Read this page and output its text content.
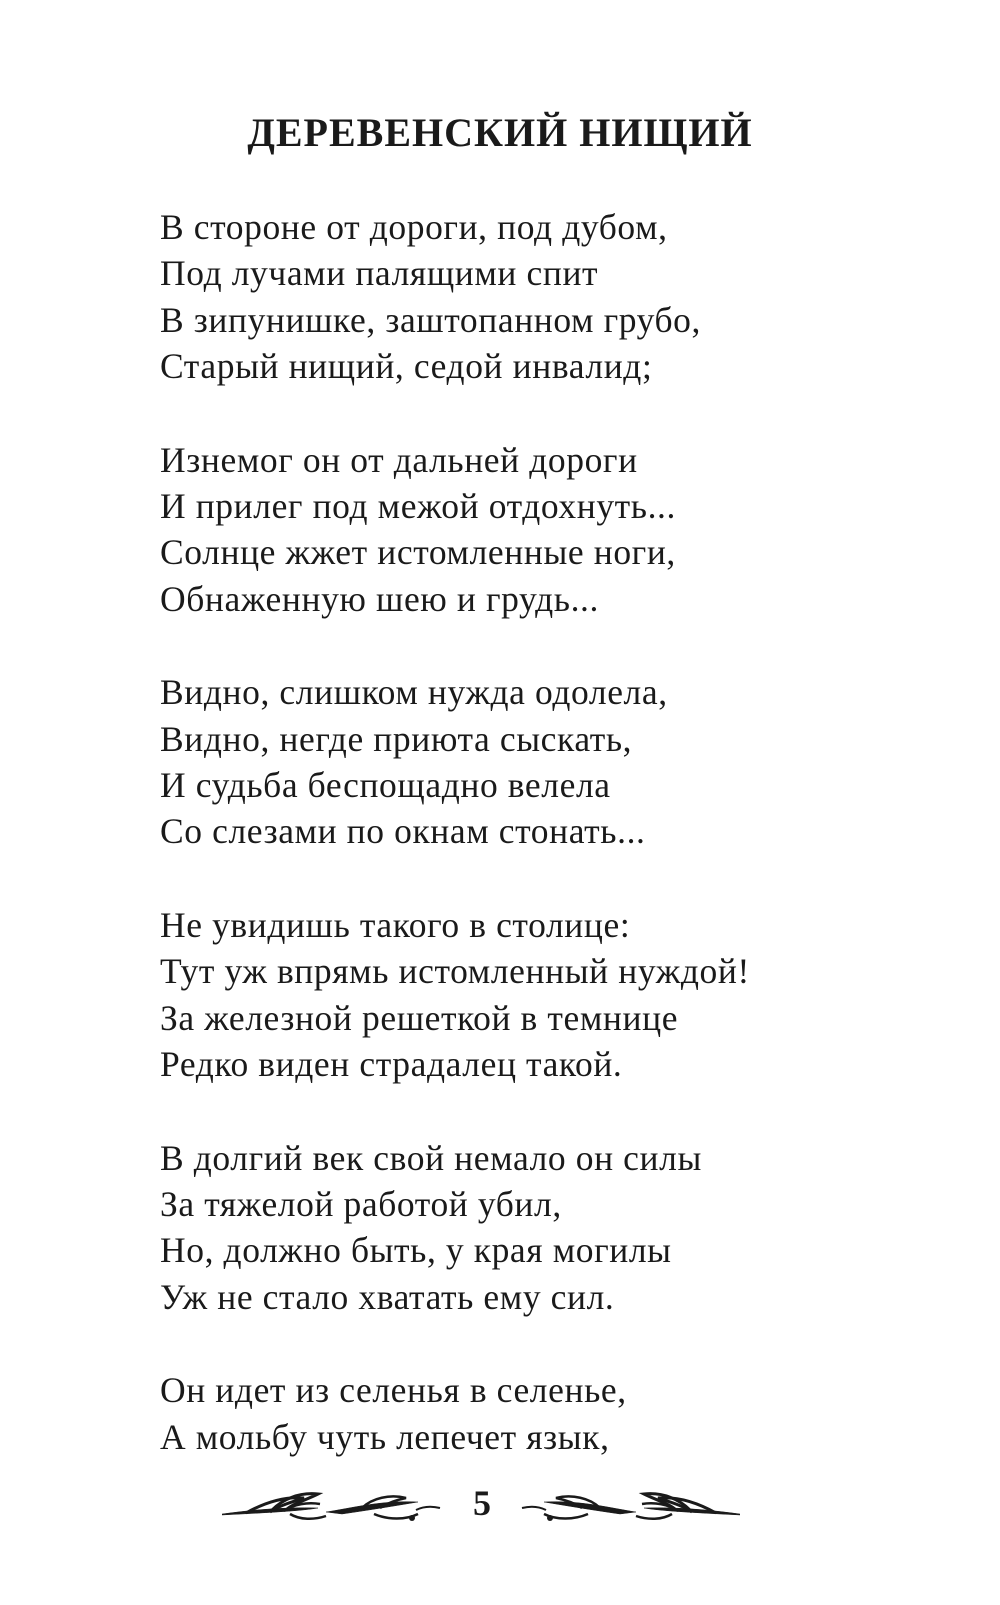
ДЕРЕВЕНСКИЙ НИЩИЙ
В стороне от дороги, под дубом,
Под лучами палящими спит
В зипунишке, заштопанном грубо,
Старый нищий, седой инвалид;
Изнемог он от дальней дороги
И прилег под межой отдохнуть...
Солнце жжет истомленные ноги,
Обнаженную шею и грудь...
Видно, слишком нужда одолела,
Видно, негде приюта сыскать,
И судьба беспощадно велела
Со слезами по окнам стонать...
Не увидишь такого в столице:
Тут уж впрямь истомленный нуждой!
За железной решеткой в темнице
Редко виден страдалец такой.
В долгий век свой немало он силы
За тяжелой работой убил,
Но, должно быть, у края могилы
Уж не стало хватать ему сил.
Он идет из селенья в селенье,
А мольбу чуть лепечет язык,
5
